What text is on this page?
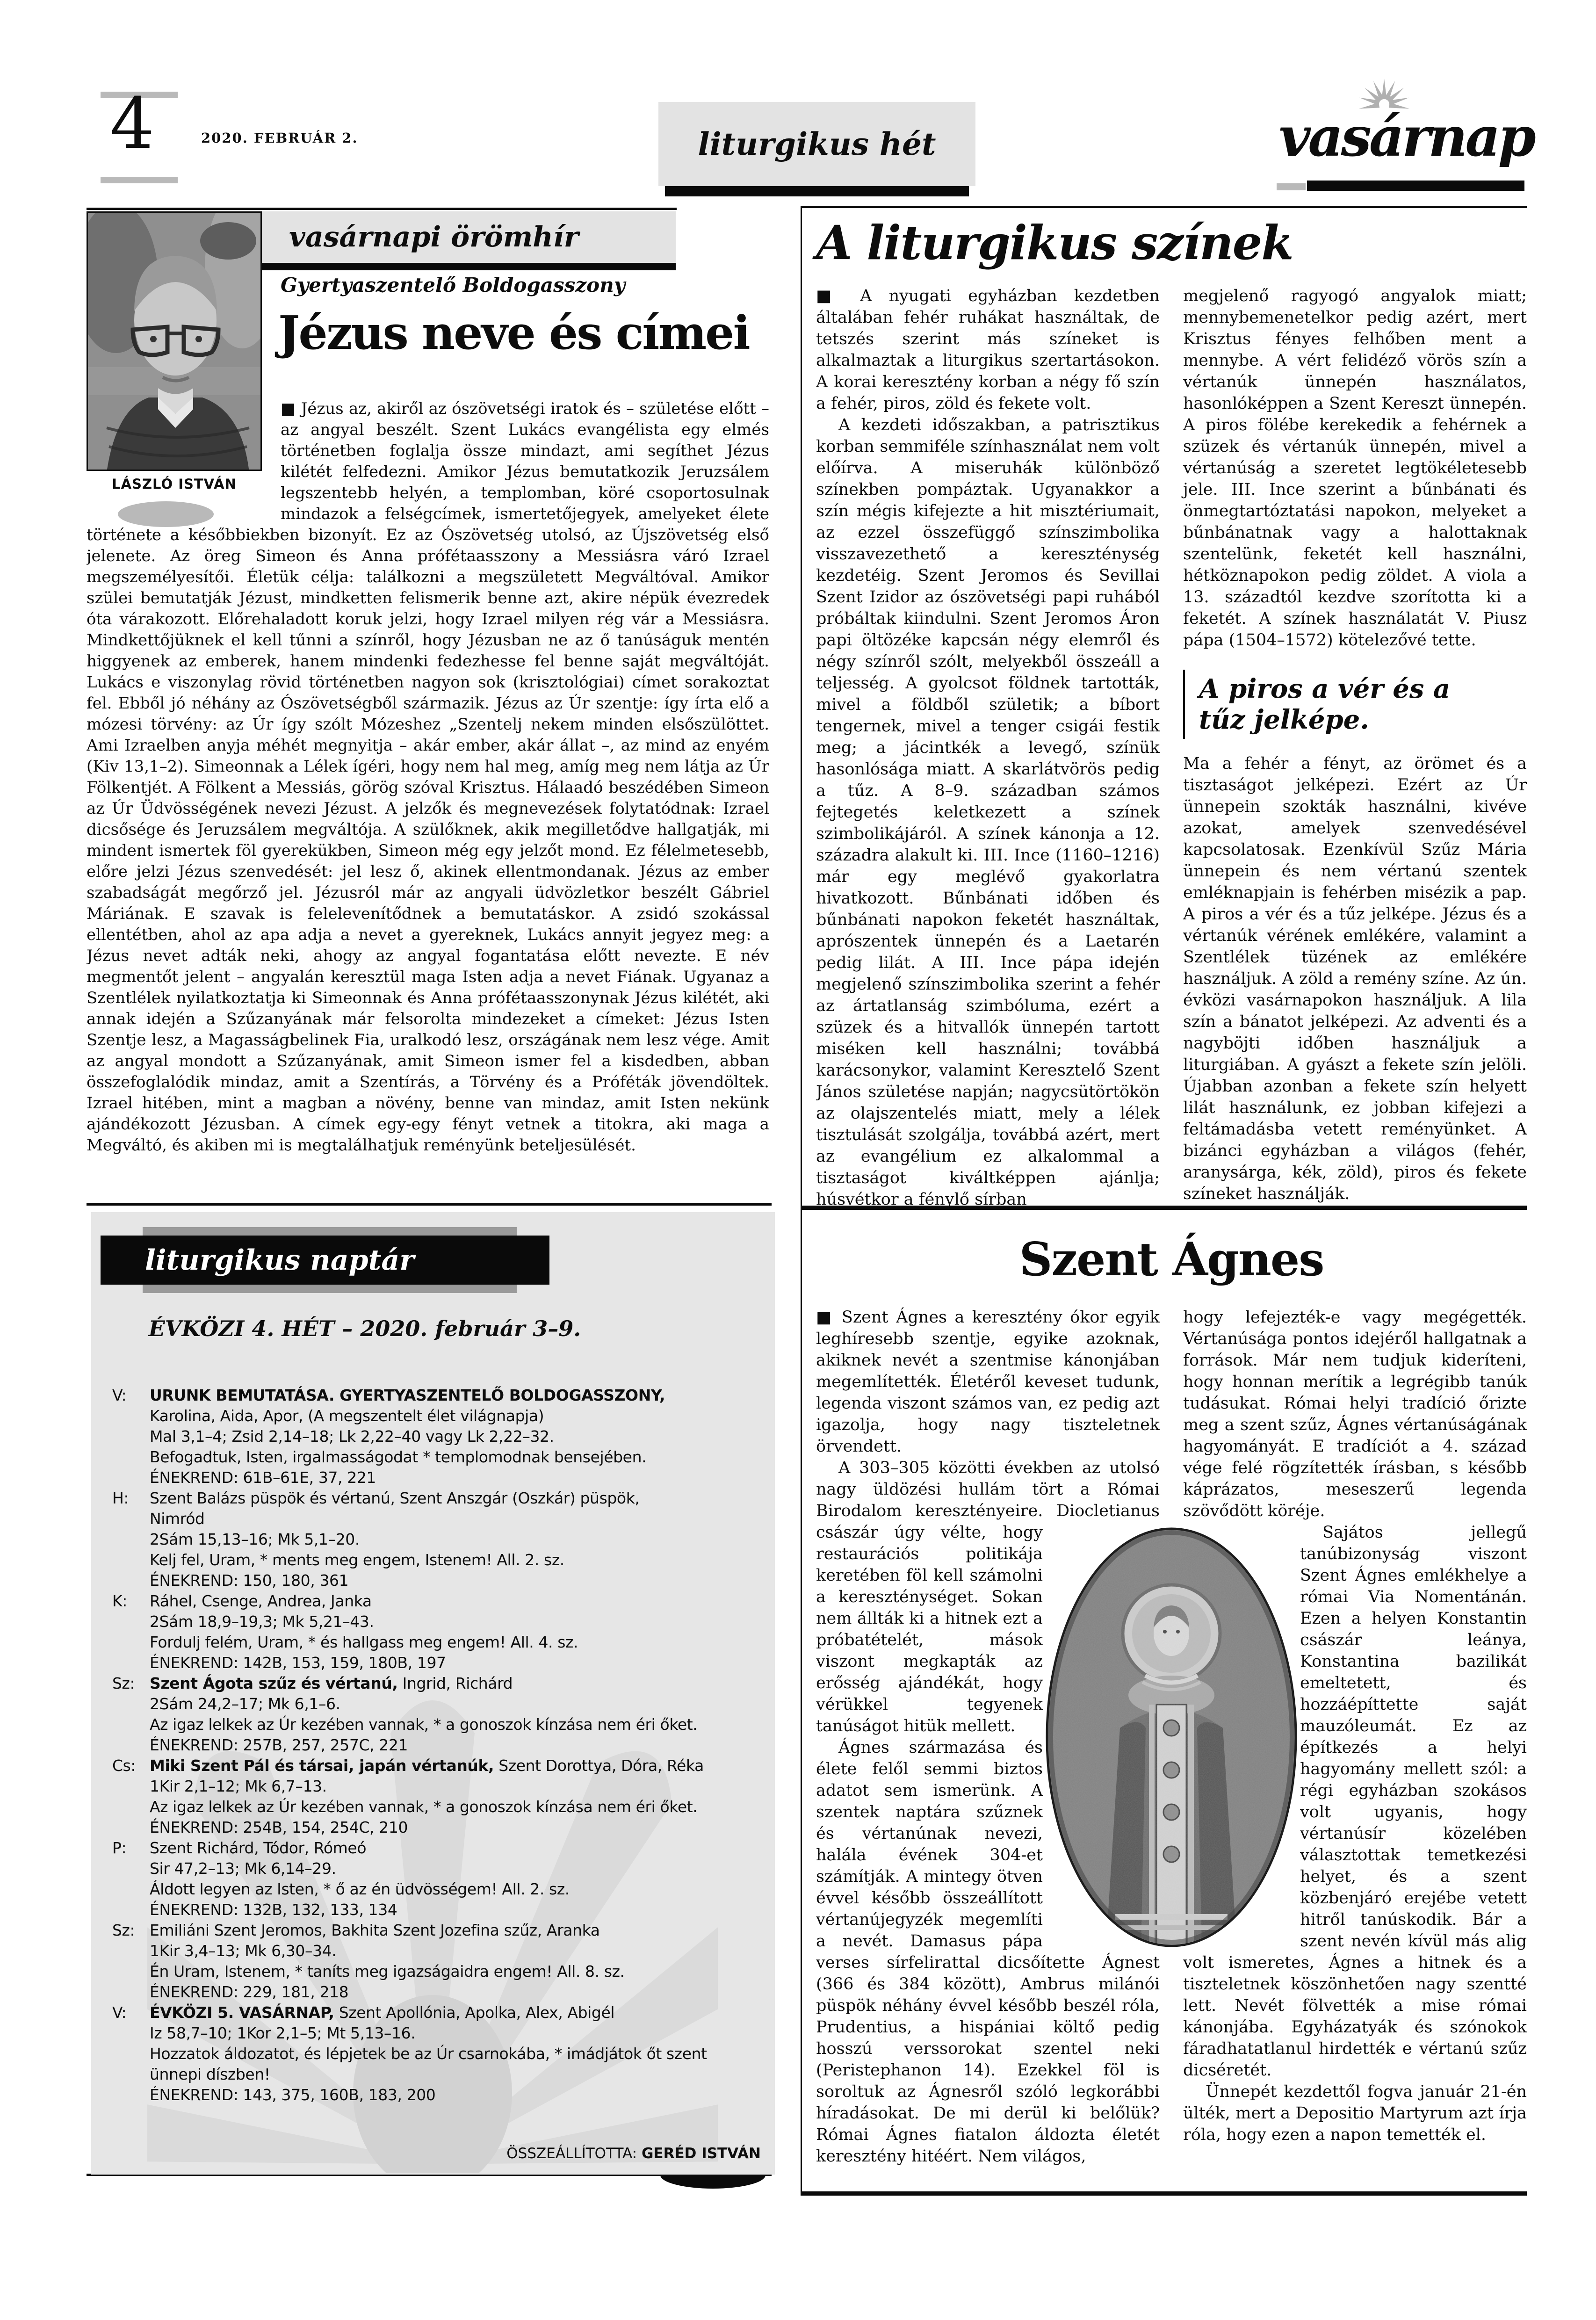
4	2020. FEBRUÁR 2.	liturgikus hét	vasárnap
LÁSZLÓ ISTVÁN
vasárnapi örömhír
Gyertyaszentelő Boldogasszony
Jézus neve és címei

■ Jézus az, akiről az ószövetségi iratok és – születése előtt – az angyal beszélt. Szent Lukács evangélista egy elmés történetben foglalja össze mindazt, ami segíthet Jézus kilétét felfedezni. Amikor Jézus bemutatkozik Jeruzsálem legszentebb helyén, a templomban, köré csoportosulnak mindazok a felségcímek, ismertetőjegyek, amelyeket élete története a későbbiekben bizonyít. Ez az Ószövetség utolsó, az Újszövetség első jelenete. Az öreg Simeon és Anna prófétaasszony a Messiásra váró Izrael megszemélyesítői. Életük célja: találkozni a megszületett Megváltóval. Amikor szülei bemutatják Jézust, mindketten felismerik benne azt, akire népük évezredek óta várakozott. Előrehaladott koruk jelzi, hogy Izrael milyen rég vár a Messiásra. Mindkettőjüknek el kell tűnni a színről, hogy Jézusban ne az ő tanúságuk mentén higgyenek az emberek, hanem mindenki fedezhesse fel benne saját megváltóját. Lukács e viszonylag rövid történetben nagyon sok (krisztológiai) címet sorakoztat fel. Ebből jó néhány az Ószövetségből származik. Jézus az Úr szentje: így írta elő a mózesi törvény: az Úr így szólt Mózeshez „Szentelj nekem minden elsőszülöttet. Ami Izraelben anyja méhét megnyitja – akár ember, akár állat –, az mind az enyém (Kiv 13,1–2). Simeonnak a Lélek ígéri, hogy nem hal meg, amíg meg nem látja az Úr Fölkentjét. A Fölkent a Messiás, görög szóval Krisztus. Hálaadó beszédében Simeon az Úr Üdvösségének nevezi Jézust. A jelzők és megnevezések folytatódnak: Izrael dicsősége és Jeruzsálem megváltója. A szülőknek, akik megilletődve hallgatják, mi mindent ismertek föl gyerekükben, Simeon még egy jelzőt mond. Ez félelmetesebb, előre jelzi Jézus szenvedését: jel lesz ő, akinek ellentmondanak. Jézus az ember szabadságát megőrző jel. Jézusról már az angyali üdvözletkor beszélt Gábriel Máriának. E szavak is felelevenítődnek a bemutatáskor. A zsidó szokással ellentétben, ahol az apa adja a nevet a gyereknek, Lukács annyit jegyez meg: a Jézus nevet adták neki, ahogy az angyal fogantatása előtt nevezte. E név megmentőt jelent – angyalán keresztül maga Isten adja a nevet Fiának. Ugyanaz a Szentlélek nyilatkoztatja ki Simeonnak és Anna prófétaasszonynak Jézus kilétét, aki annak idején a Szűzanyának már felsorolta mindezeket a címeket: Jézus Isten Szentje lesz, a Magasságbelinek Fia, uralkodó lesz, országának nem lesz vége. Amit az angyal mondott a Szűzanyának, amit Simeon ismer fel a kisdedben, abban összefoglalódik mindaz, amit a Szentírás, a Törvény és a Próféták jövendöltek. Izrael hitében, mint a magban a növény, benne van mindaz, amit Isten nekünk ajándékozott Jézusban. A címek egy-egy fényt vetnek a titokra, aki maga a Megváltó, és akiben mi is megtalálhatjuk reményünk beteljesülését.

A liturgikus színek

■ A nyugati egyházban kezdetben általában fehér ruhákat használtak, de tetszés szerint más színeket is alkalmaztak a liturgikus szertartásokon. A korai keresztény korban a négy fő szín a fehér, piros, zöld és fekete volt.

A kezdeti időszakban, a patrisztikus korban semmiféle színhasználat nem volt előírva. A miseruhák különböző színekben pompáztak. Ugyanakkor a szín mégis kifejezte a hit misztériumait, az ezzel összefüggő színszimbolika visszavezethető a kereszténység kezdetéig. Szent Jeromos és Sevillai Szent Izidor az ószövetségi papi ruhából próbáltak kiindulni. Szent Jeromos Áron papi öltözéke kapcsán négy elemről és négy színről szólt, melyekből összeáll a teljesség. A gyolcsot földnek tartották, mivel a földből születik; a bíbort tengernek, mivel a tenger csigái festik meg; a jácintkék a levegő, színük hasonlósága miatt. A skarlátvörös pedig a tűz. A 8–9. században számos fejtegetés keletkezett a színek szimbolikájáról. A színek kánonja a 12. századra alakult ki. III. Ince (1160–1216) már egy meglévő gyakorlatra hivatkozott. Bűnbánati időben és bűnbánati napokon feketét használtak, aprószentek ünnepén és a Laetarén pedig lilát. A III. Ince pápa idején megjelenő színszimbolika szerint a fehér az ártatlanság szimbóluma, ezért a szüzek és a hitvallók ünnepén tartott miséken kell használni; továbbá karácsonykor, valamint Keresztelő Szent János születése napján; nagycsütörtökön az olajszentelés miatt, mely a lélek tisztulását szolgálja, továbbá azért, mert az evangélium ez alkalommal a tisztaságot kiváltképpen ajánlja; húsvétkor a fénylő sírban

megjelenő ragyogó angyalok miatt; mennybemenetelkor pedig azért, mert Krisztus fényes felhőben ment a mennybe. A vért felidéző vörös szín a vértanúk ünnepén használatos, hasonlóképpen a Szent Kereszt ünnepén. A piros fölébe kerekedik a fehérnek a szüzek és vértanúk ünnepén, mivel a vértanúság a szeretet legtökéletesebb jele. III. Ince szerint a bűnbánati és önmegtartóztatási napokon, melyeket a bűnbánatnak vagy a halottaknak szentelünk, feketét kell használni, hétköznapokon pedig zöldet. A viola a 13. századtól kezdve szorította ki a feketét. A színek használatát V. Piusz pápa (1504–1572) kötelezővé tette.

A piros a vér és a tűz jelképe.

Ma a fehér a fényt, az örömet és a tisztaságot jelképezi. Ezért az Úr ünnepein szokták használni, kivéve azokat, amelyek szenvedésével kapcsolatosak. Ezenkívül Szűz Mária ünnepein és nem vértanú szentek emléknapjain is fehérben misézik a pap. A piros a vér és a tűz jelképe. Jézus és a vértanúk vérének emlékére, valamint a Szentlélek tüzének az emlékére használjuk. A zöld a remény színe. Az ún. évközi vasárnapokon használjuk. A lila szín a bánatot jelképezi. Az adventi és a nagyböjti időben használjuk a liturgiában. A gyászt a fekete szín jelöli. Újabban azonban a fekete szín helyett lilát használunk, ez jobban kifejezi a feltámadásba vetett reményünket. A bizánci egyházban a világos (fehér, aranysárga, kék, zöld), piros és fekete színeket használják.

liturgikus naptár
ÉVKÖZI 4. HÉT – 2020. február 3–9.
V:	URUNK BEMUTATÁSA. GYERTYASZENTELŐ BOLDOGASSZONY,
Karolina, Aida, Apor, (A megszentelt élet világnapja)
Mal 3,1–4; Zsid 2,14–18; Lk 2,22–40 vagy Lk 2,22–32.
Befogadtuk, Isten, irgalmasságodat * templomodnak bensejében.
ÉNEKREND: 61B–61E, 37, 221
H:	Szent Balázs püspök és vértanú, Szent Anszgár (Oszkár) püspök,
Nimród
2Sám 15,13–16; Mk 5,1–20.
Kelj fel, Uram, * ments meg engem, Istenem! All. 2. sz.
ÉNEKREND: 150, 180, 361
K:	Ráhel, Csenge, Andrea, Janka
2Sám 18,9–19,3; Mk 5,21–43.
Fordulj felém, Uram, * és hallgass meg engem! All. 4. sz.
ÉNEKREND: 142B, 153, 159, 180B, 197
Sz: Szent Ágota szűz és vértanú, Ingrid, Richárd
2Sám 24,2–17; Mk 6,1–6.
Az igaz lelkek az Úr kezében vannak, * a gonoszok kínzása nem éri őket. ÉNEKREND: 257B, 257, 257C, 221
Cs: Miki Szent Pál és társai, japán vértanúk, Szent Dorottya, Dóra, Réka
1Kir 2,1–12; Mk 6,7–13.
Az igaz lelkek az Úr kezében vannak, * a gonoszok kínzása nem éri őket.
ÉNEKREND: 254B, 154, 254C, 210
P:	Szent Richárd, Tódor, Rómeó
Sir 47,2–13; Mk 6,14–29.
Áldott legyen az Isten, * ő az én üdvösségem! All. 2. sz.
ÉNEKREND: 132B, 132, 133, 134
Sz: Emiliáni Szent Jeromos, Bakhita Szent Jozefina szűz, Aranka
1Kir 3,4–13; Mk 6,30–34.
Én Uram, Istenem, * taníts meg igazságaidra engem! All. 8. sz.
ÉNEKREND: 229, 181, 218
V:	ÉVKÖZI 5. VASÁRNAP, Szent Apollónia, Apolka, Alex, Abigél
Iz 58,7–10; 1Kor 2,1–5; Mt 5,13–16.
Hozzatok áldozatot, és lépjetek be az Úr csarnokába, * imádjátok őt szent ünnepi díszben!
ÉNEKREND: 143, 375, 160B, 183, 200
ÖSSZEÁLLÍTOTTA: GERÉD ISTVÁN
Szent Ágnes

■ Szent Ágnes a keresztény ókor egyik leghíresebb szentje, egyike azoknak, akiknek nevét a szentmise kánonjában megemlítették. Életéről keveset tudunk, legenda viszont számos van, ez pedig azt igazolja, hogy nagy tiszteletnek örvendett.

A 303–305 közötti években az utolsó nagy üldözési hullám tört a Római Birodalom keresztényeire. Diocletianus császár úgy vélte, hogy restaurációs politikája keretében föl kell számolni a kereszténységet. Sokan nem állták ki a hitnek ezt a próbatételét, mások viszont megkapták az erősség ajándékát, hogy vérükkel tegyenek tanúságot hitük mellett.

Ágnes származása és élete felől semmi biztos adatot sem ismerünk. A szentek naptára szűznek és vértanúnak nevezi, halála évének 304-et számítják. A mintegy ötven évvel később összeállított vértanújegyzék megemlíti a nevét. Damasus pápa verses sírfelirattal dicsőítette Ágnest (366 és 384 között), Ambrus milánói püspök néhány évvel később beszél róla, Prudentius, a hispániai költő pedig hosszú verssorokat szentel neki (Peristephanon 14). Ezekkel föl is soroltuk az Ágnesről szóló legkorábbi híradásokat. De mi derül ki belőlük? Római Ágnes fiatalon áldozta életét keresztény hitéért. Nem világos,

hogy lefejezték-e vagy megégették. Vértanúsága pontos idejéről hallgatnak a források. Már nem tudjuk kideríteni, hogy honnan merítik a legrégibb tanúk tudásukat. Római helyi tradíció őrizte meg a szent szűz, Ágnes vértanúságának hagyományát. E tradíciót a 4. század vége felé rögzítették írásban, s később káprázatos, meseszerű legenda szövődött köréje.

Sajátos jellegű tanúbizonyság viszont Szent Ágnes emlékhelye a római Via Nomentánán. Ezen a helyen Konstantin császár leánya, Konstantina bazilikát emeltetett, és hozzáépíttette saját mauzóleumát. Ez az építkezés a helyi hagyomány mellett szól: a régi egyházban szokásos volt ugyanis, hogy vértanúsír közelében választottak temetkezési helyet, és a szent közbenjáró erejébe vetett hitről tanúskodik. Bár a szent nevén kívül más alig volt ismeretes, Ágnes a hitnek és a tiszteletnek köszönhetően nagy szentté lett. Nevét fölvették a mise római kánonjába. Egyházatyák és szónokok fáradhatatlanul hirdették e vértanú szűz dicséretét.

Ünnepét kezdettől fogva január 21-én ülték, mert a Depositio Martyrum azt írja róla, hogy ezen a napon temették el.
